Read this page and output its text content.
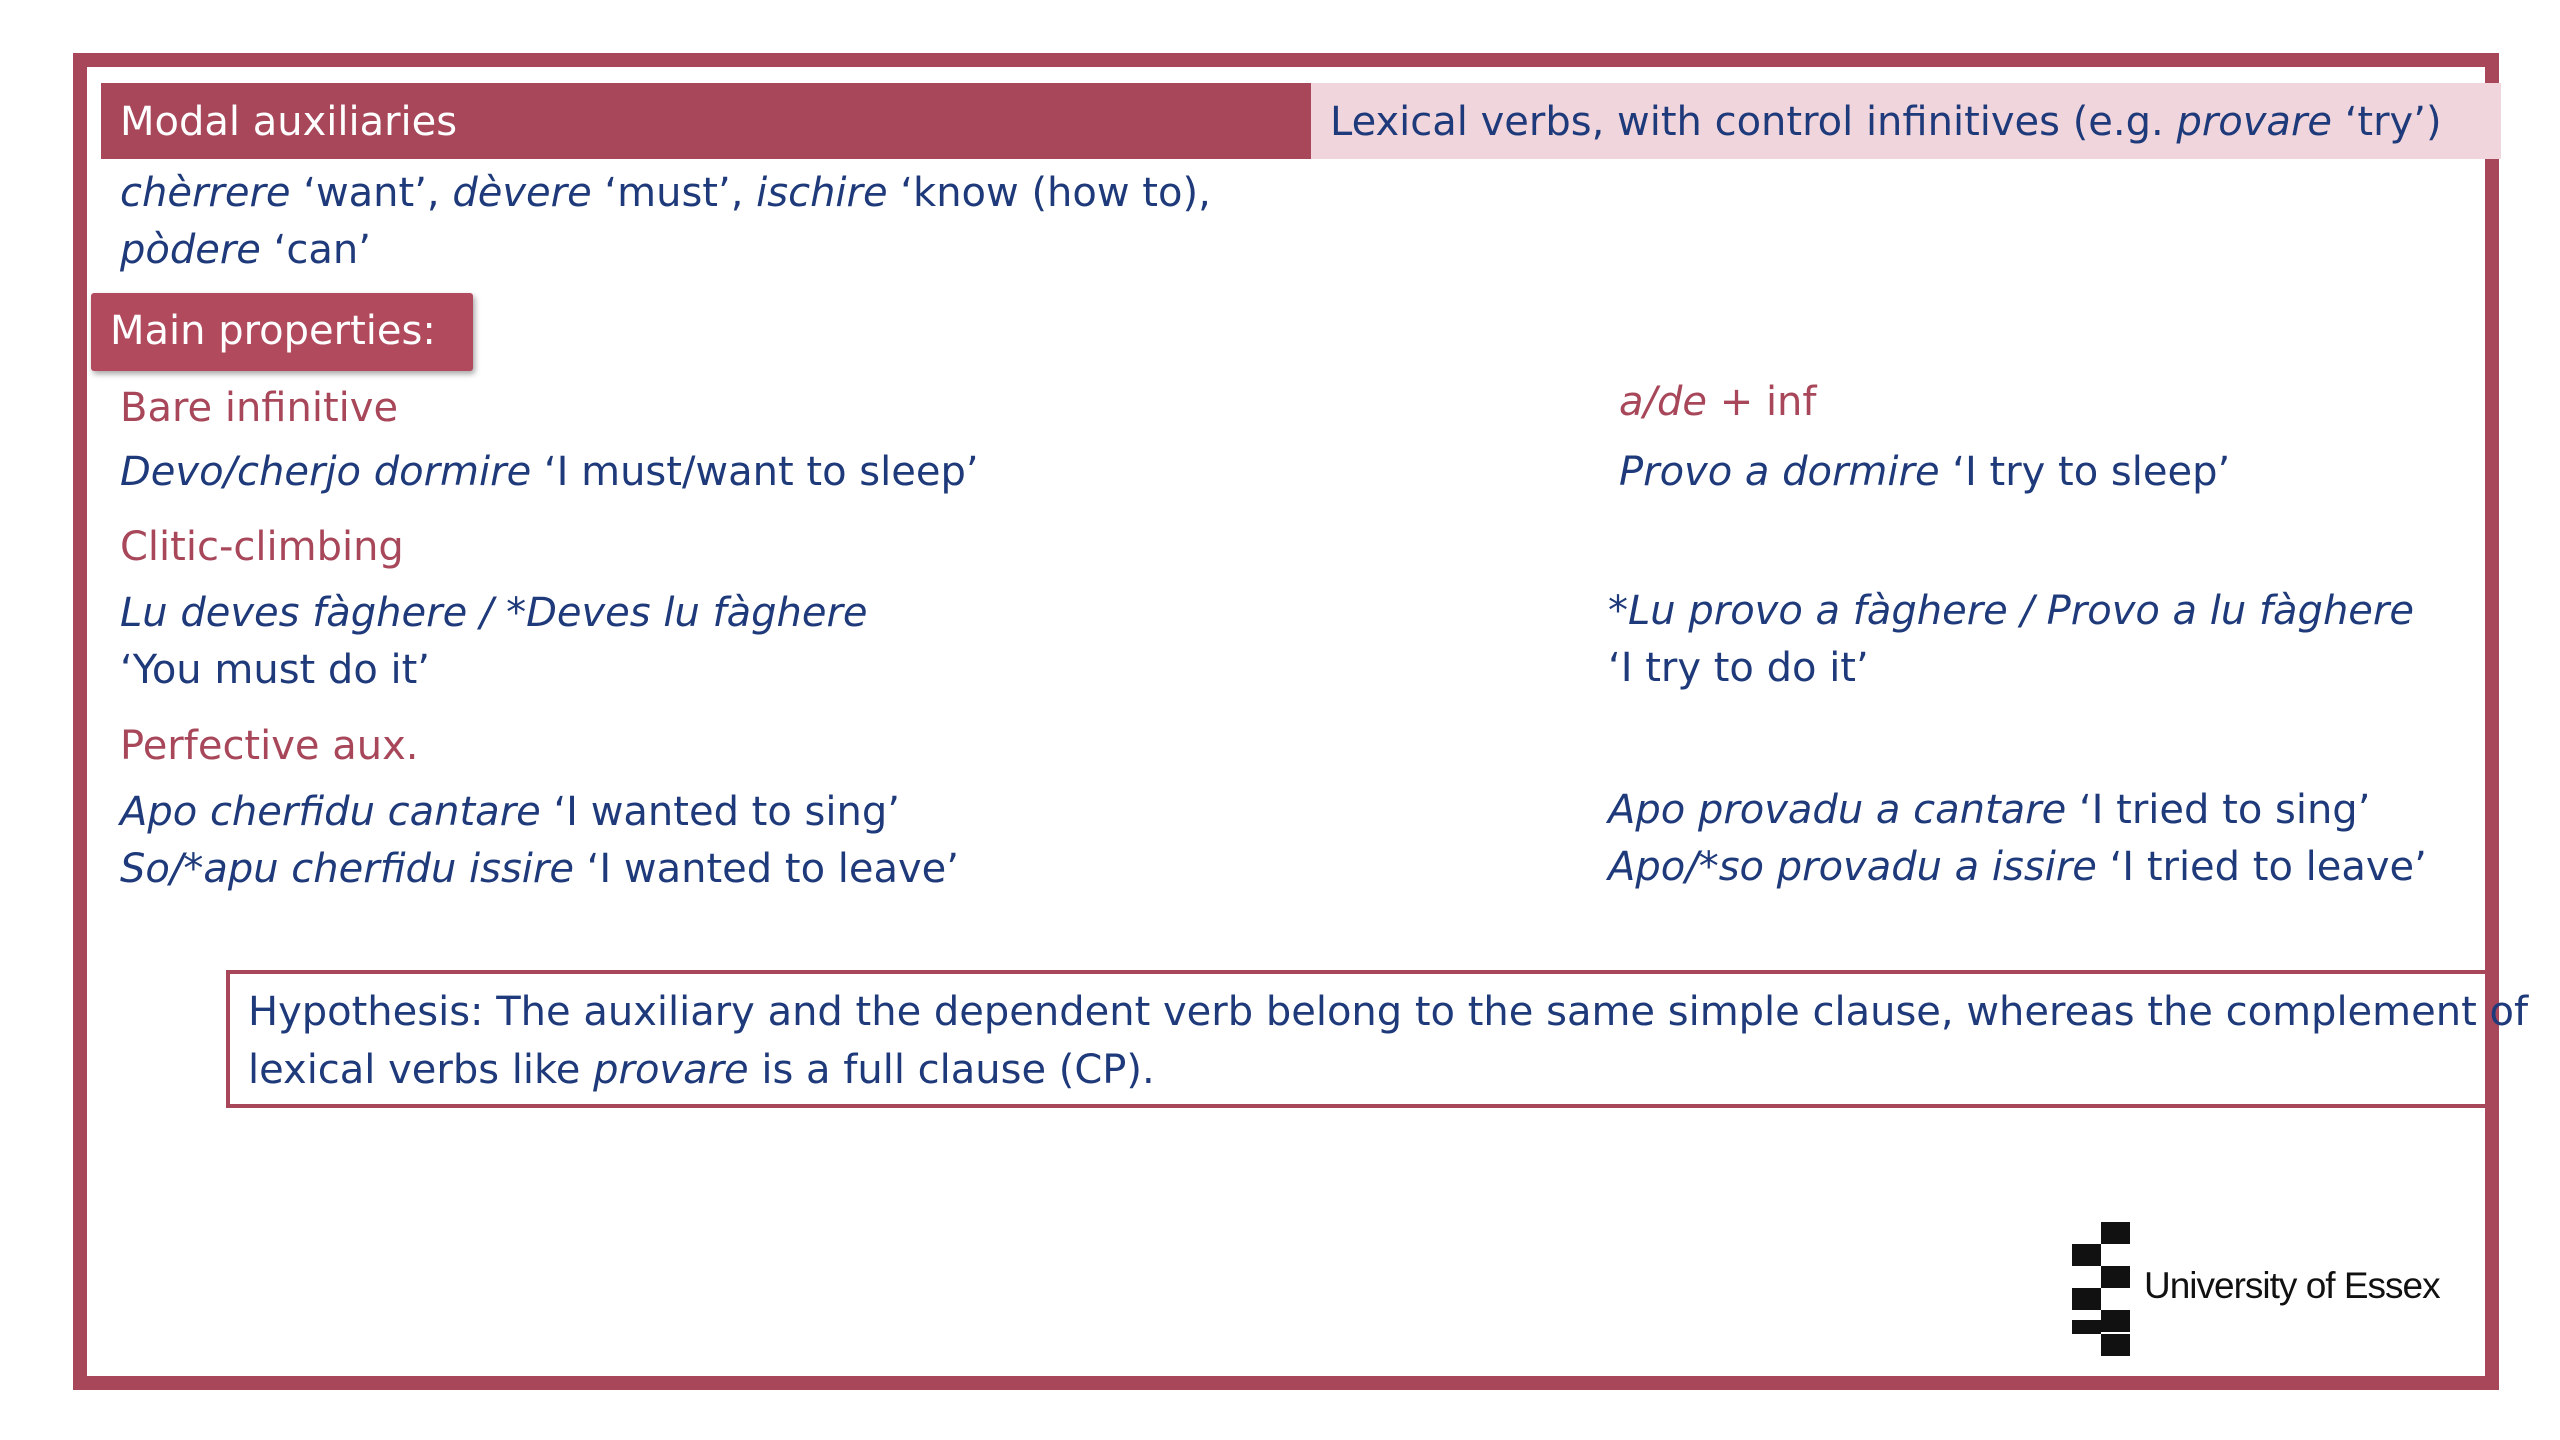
Modal auxiliaries	Lexical verbs, with control infinitives (e.g. provare ‘try’)
chèrrere ‘want’, dèvere ‘must’, ischire ‘know (how to),
pòdere ‘can’
Main properties:
Bare infinitive
Devo/cherjo dormire ‘I must/want to sleep’
Clitic-climbing
Lu deves fàghere / *Deves lu fàghere
‘You must do it’
Perfective aux.
Apo cherfidu cantare ‘I wanted to sing’
So/*apu cherfidu issire ‘I wanted to leave’
a/de + inf
Provo a dormire ‘I try to sleep’
*Lu provo a fàghere / Provo a lu fàghere
‘I try to do it’
Apo provadu a cantare ‘I tried to sing’
Apo/*so provadu a issire ‘I tried to leave’
Hypothesis: The auxiliary and the dependent verb belong to the same simple clause, whereas the complement of
lexical verbs like provare is a full clause (CP).
University of Essex
